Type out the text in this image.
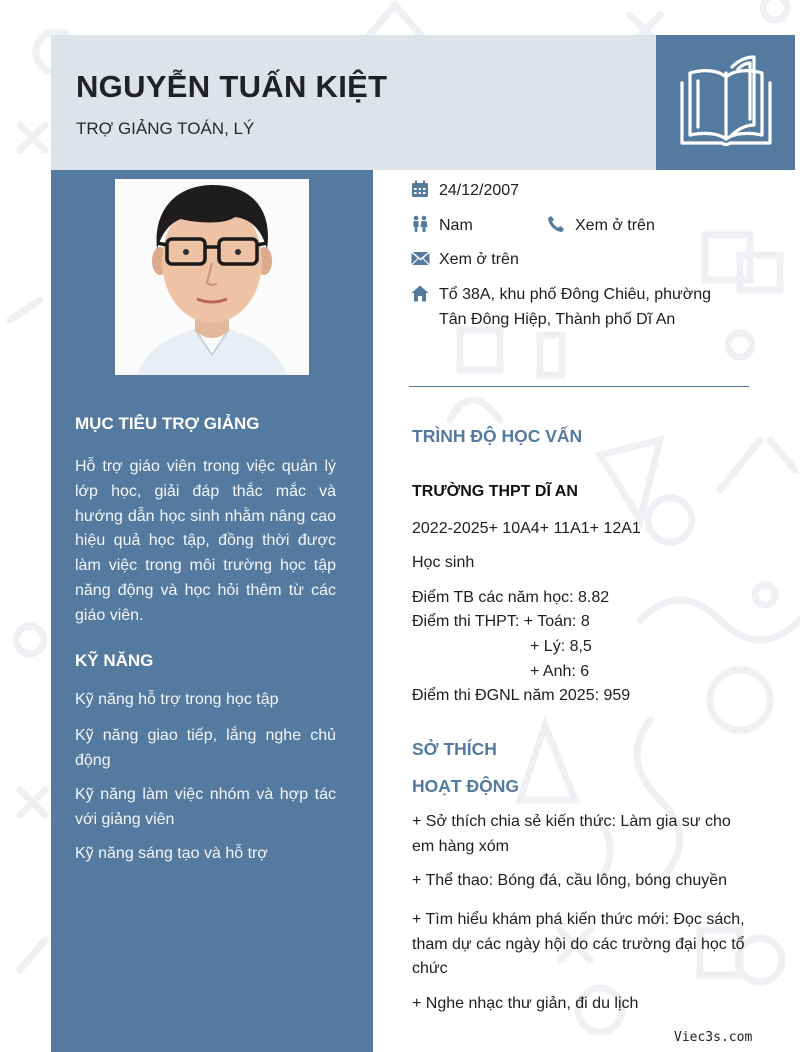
NGUYỄN TUẤN KIỆT

TRỢ GIẢNG TOÁN, LÝ

MỤC TIÊU TRỢ GIẢNG

Hỗ trợ giáo viên trong việc quản lý lớp học, giải đáp thắc mắc và hướng dẫn học sinh nhằm nâng cao hiệu quả học tập, đồng thời được làm việc trong môi trường học tập năng động và học hỏi thêm từ các giáo viên.

KỸ NĂNG

Kỹ năng hỗ trợ trong học tập

Kỹ năng giao tiếp, lắng nghe chủ động

Kỹ năng làm việc nhóm và hợp tác với giảng viên

Kỹ năng sáng tạo và hỗ trợ

24/12/2007
Nam	Xem ở trên
Xem ở trên
Tổ 38A, khu phố Đông Chiêu, phường Tân Đông Hiệp, Thành phố Dĩ An
TRÌNH ĐỘ HỌC VẤN

TRƯỜNG THPT DĨ AN

2022-2025+ 10A4+ 11A1+ 12A1

Học sinh

Điểm TB các năm học: 8.82

Điểm thi THPT: + Toán: 8

+ Lý: 8,5

+ Anh: 6

Điểm thi ĐGNL năm 2025: 959

SỞ THÍCH
HOẠT ĐỘNG

+ Sở thích chia sẻ kiến thức: Làm gia sư cho em hàng xóm

+ Thể thao: Bóng đá, cầu lông, bóng chuyền

+ Tìm hiểu khám phá kiến thức mới: Đọc sách, tham dự các ngày hội do các trường đại học tổ chức

+ Nghe nhạc thư giản, đi du lịch

Viec3s.com
